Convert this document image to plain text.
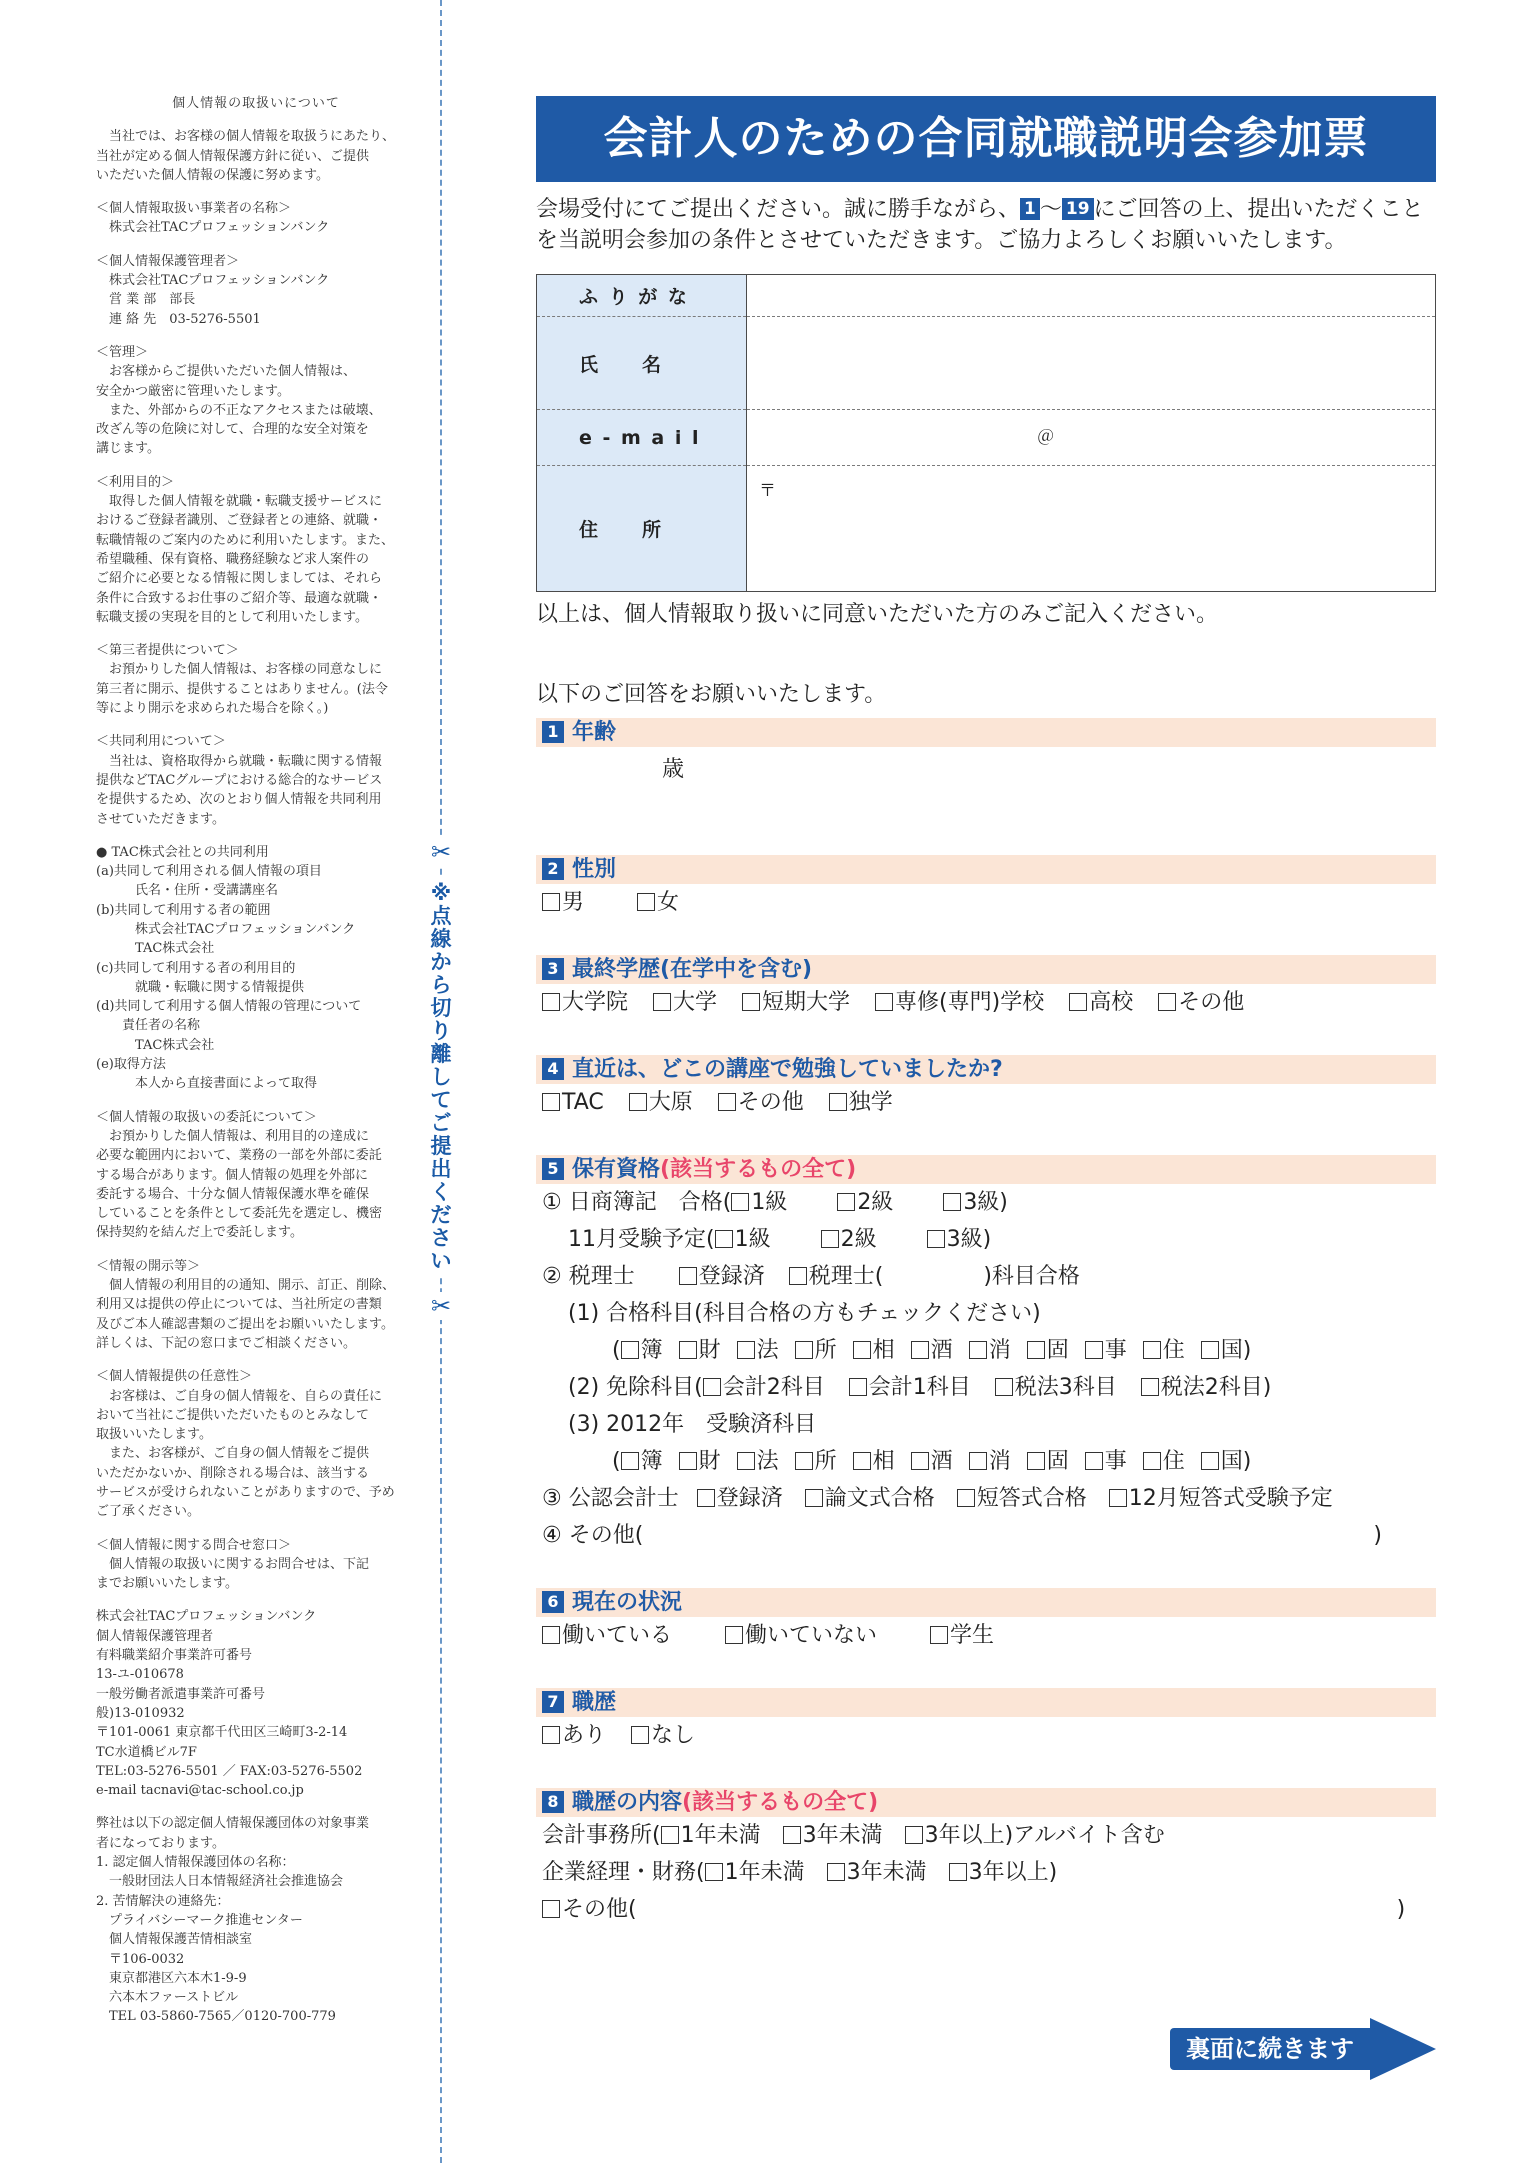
個人情報の取扱いについて
　当社では、お客様の個人情報を取扱うにあたり、
当社が定める個人情報保護方針に従い、ご提供
いただいた個人情報の保護に努めます。
＜個人情報取扱い事業者の名称＞
　株式会社TACプロフェッションバンク
＜個人情報保護管理者＞
　株式会社TACプロフェッションバンク
　営 業 部　部長
　連 絡 先　03-5276-5501
＜管理＞
　お客様からご提供いただいた個人情報は、
安全かつ厳密に管理いたします。
　また、外部からの不正なアクセスまたは破壊、
改ざん等の危険に対して、合理的な安全対策を
講じます。
＜利用目的＞
　取得した個人情報を就職・転職支援サービスに
おけるご登録者識別、ご登録者との連絡、就職・
転職情報のご案内のために利用いたします。また、
希望職種、保有資格、職務経験など求人案件の
ご紹介に必要となる情報に関しましては、それら
条件に合致するお仕事のご紹介等、最適な就職・
転職支援の実現を目的として利用いたします。
＜第三者提供について＞
　お預かりした個人情報は、お客様の同意なしに
第三者に開示、提供することはありません。(法令
等により開示を求められた場合を除く。)
＜共同利用について＞
　当社は、資格取得から就職・転職に関する情報
提供などTACグループにおける総合的なサービス
を提供するため、次のとおり個人情報を共同利用
させていただきます。
● TAC株式会社との共同利用
(a)共同して利用される個人情報の項目
　　　氏名・住所・受講講座名
(b)共同して利用する者の範囲
　　　株式会社TACプロフェッションバンク
　　　TAC株式会社
(c)共同して利用する者の利用目的
　　　就職・転職に関する情報提供
(d)共同して利用する個人情報の管理について
　　責任者の名称
　　　TAC株式会社
(e)取得方法
　　　本人から直接書面によって取得
＜個人情報の取扱いの委託について＞
　お預かりした個人情報は、利用目的の達成に
必要な範囲内において、業務の一部を外部に委託
する場合があります。個人情報の処理を外部に
委託する場合、十分な個人情報保護水準を確保
していることを条件として委託先を選定し、機密
保持契約を結んだ上で委託します。
＜情報の開示等＞
　個人情報の利用目的の通知、開示、訂正、削除、
利用又は提供の停止については、当社所定の書類
及びご本人確認書類のご提出をお願いいたします。
詳しくは、下記の窓口までご相談ください。
＜個人情報提供の任意性＞
　お客様は、ご自身の個人情報を、自らの責任に
おいて当社にご提供いただいたものとみなして
取扱いいたします。
　また、お客様が、ご自身の個人情報をご提供
いただかないか、削除される場合は、該当する
サービスが受けられないことがありますので、予め
ご了承ください。
＜個人情報に関する問合せ窓口＞
　個人情報の取扱いに関するお問合せは、下記
までお願いいたします。
株式会社TACプロフェッションバンク
個人情報保護管理者
有料職業紹介事業許可番号
13-ユ-010678
一般労働者派遣事業許可番号
般)13-010932
〒101-0061 東京都千代田区三崎町3-2-14
TC水道橋ビル7F
TEL:03-5276-5501 ／ FAX:03-5276-5502
e-mail tacnavi@tac-school.co.jp
弊社は以下の認定個人情報保護団体の対象事業
者になっております。
1. 認定個人情報保護団体の名称：
　一般財団法人日本情報経済社会推進協会
2. 苦情解決の連絡先：
　プライバシーマーク推進センター
　個人情報保護苦情相談室
　〒106-0032
　東京都港区六本木1-9-9
　六本木ファーストビル
　TEL 03-5860-7565／0120-700-779
✂
※点線から切り離してご提出ください
✂
会計人のための合同就職説明会参加票
会場受付にてご提出ください。誠に勝手ながら、 1 ～ 19 にご回答の上、提出いただくこと
を当説明会参加の条件とさせていただきます。ご協力よろしくお願いいたします。
ふ り が な	
氏　　名	
e - m a i l	＠

住　　所	〒
以上は、個人情報取り扱いに同意いただいた方のみご記入ください。
以下のご回答をお願いいたします。
1 年齢
歳
2 性別
男	女
3 最終学歴(在学中を含む)
大学院 大学 短期大学 専修(専門)学校 高校 その他
4 直近は、どこの講座で勉強していましたか?
TAC 大原 その他 独学
5 保有資格(該当するもの全て)
① 日商簿記　合格( 1級	2級	3級)
11月受験予定( 1級	2級	3級)
② 税理士	登録済 税理士(	)科目合格
(1) 合格科目(科目合格の方もチェックください)
( 簿 財 法 所 相 酒 消 固 事 住 国)
(2) 免除科目( 会計2科目 会計1科目 税法3科目 税法2科目)
(3) 2012年　受験済科目
( 簿 財 法 所 相 酒 消 固 事 住 国)
③ 公認会計士 登録済 論文式合格 短答式合格 12月短答式受験予定
④ その他(	)
6 現在の状況
働いている	働いていない	学生
7 職歴
あり なし
8 職歴の内容(該当するもの全て)
会計事務所( 1年未満 3年未満 3年以上)アルバイト含む
企業経理・財務( 1年未満 3年未満 3年以上)
その他(	)
裏面に続きます
